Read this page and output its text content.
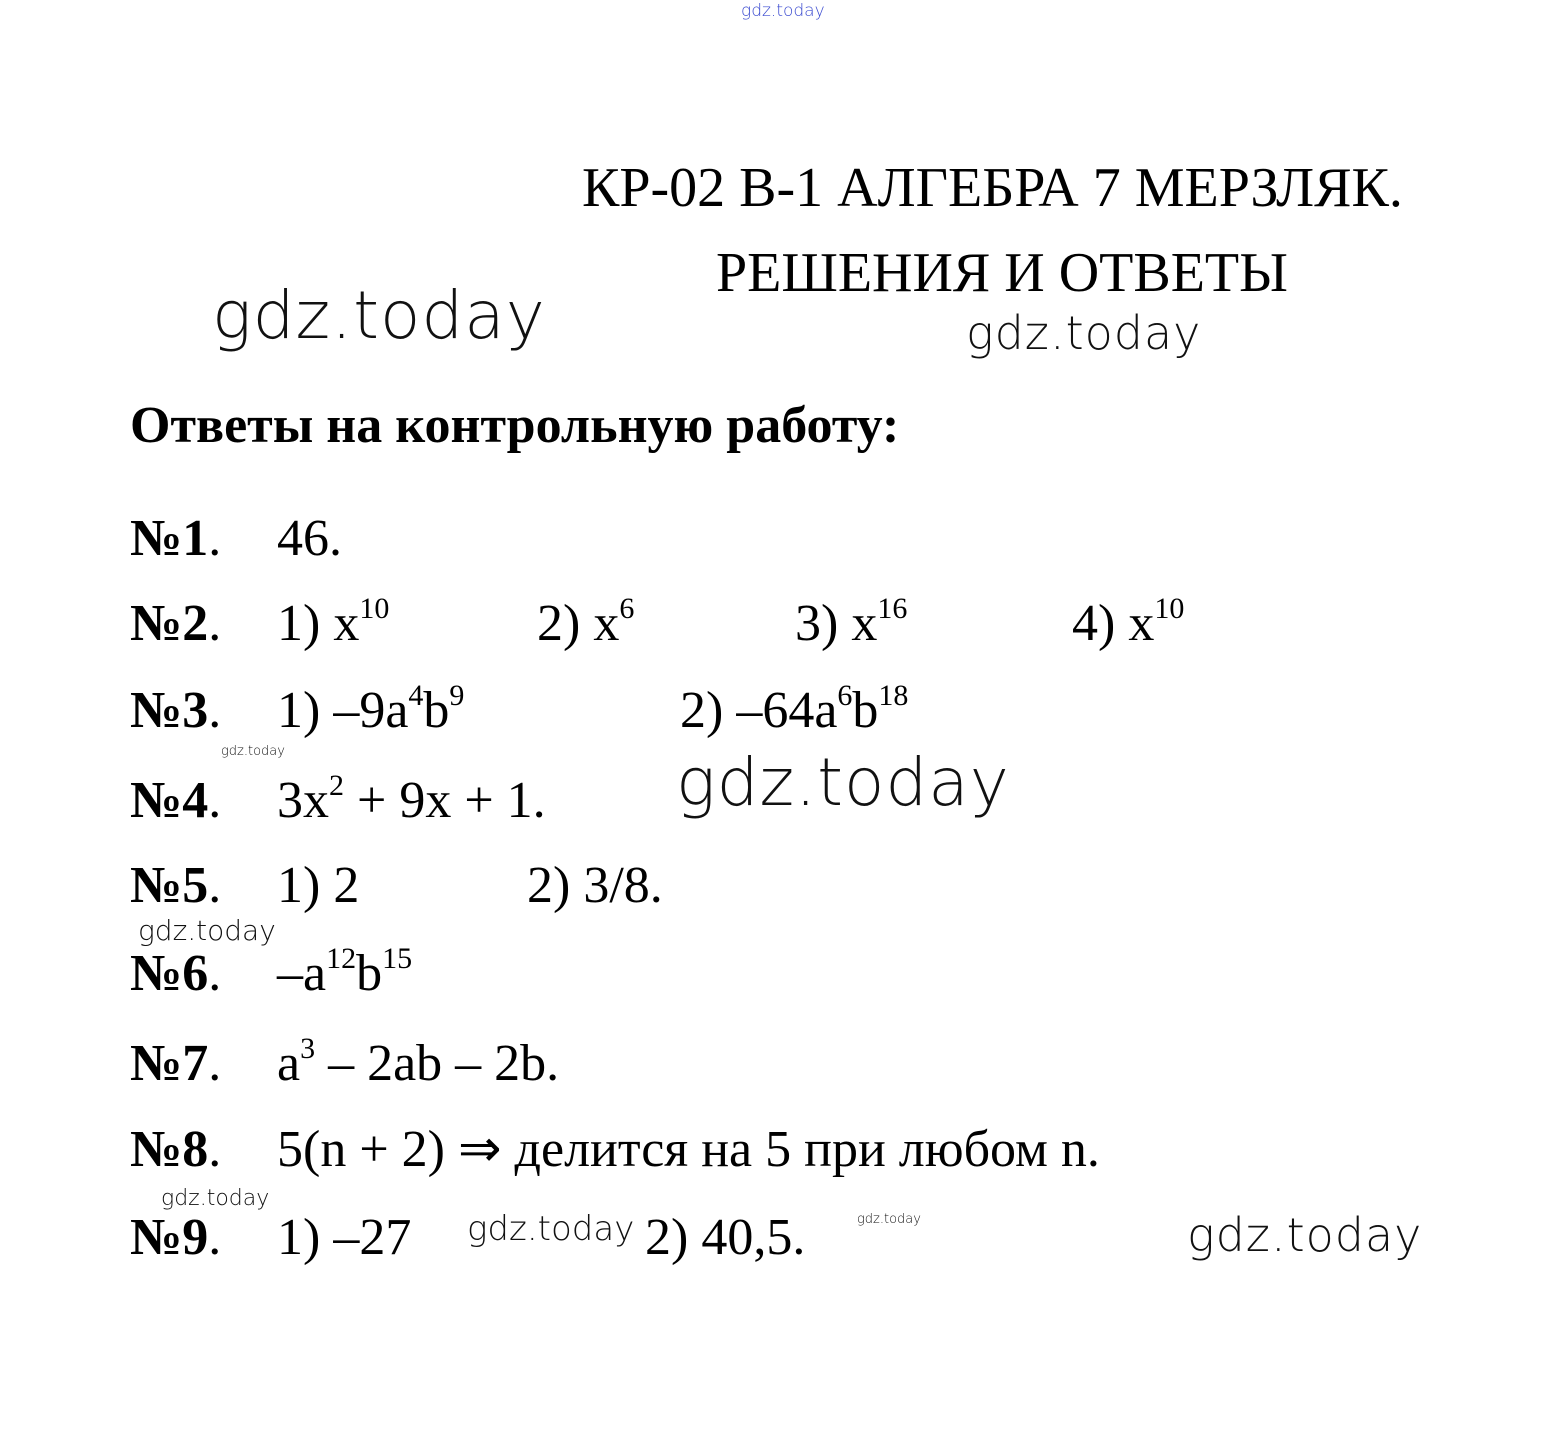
gdz.today
gdz.today	gdz.today
gdz.today	gdz.today
gdz.today
gdz.today
gdz.today	gdz.today	gdz.today
КР-02 В-1 АЛГЕБРА 7 МЕРЗЛЯК.
РЕШЕНИЯ И ОТВЕТЫ
Ответы на контрольную работу:
№1. 46.
№2. 1) $x^{10}$	2) $x^6$	3) $x^{16}$	4) $x^{10}$
№3. 1) $-9a^4b^9$	2) $-64a^6b^{18}$
№4. $3x^2 + 9x + 1$.
№5. 1) 2	2) 3/8.
№6. $-a^{12}b^{15}$
№7. $a^3 - 2ab - 2b$.
№8. 5(n + 2) ⇒ делится на 5 при любом n.
№9. 1) –27	2) 40,5.
